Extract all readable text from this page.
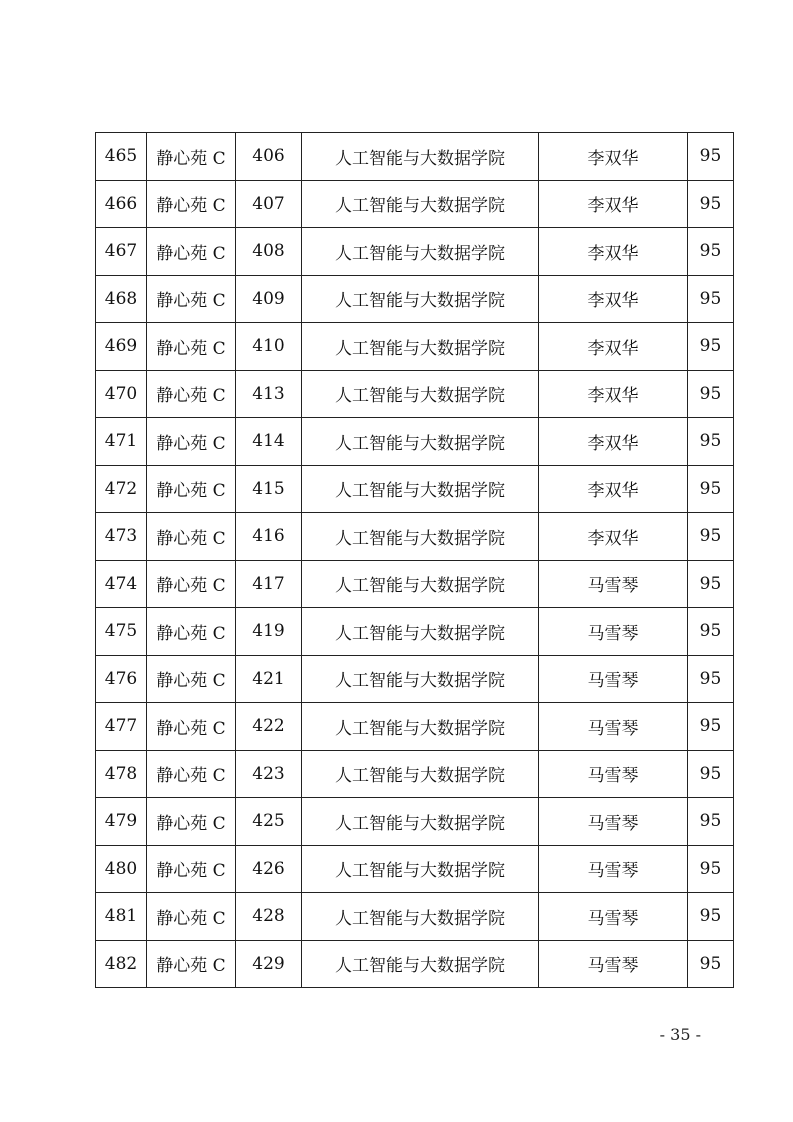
465	静心苑 C	406	人工智能与大数据学院	李双华	95
466	静心苑 C	407	人工智能与大数据学院	李双华	95
467	静心苑 C	408	人工智能与大数据学院	李双华	95
468	静心苑 C	409	人工智能与大数据学院	李双华	95
469	静心苑 C	410	人工智能与大数据学院	李双华	95
470	静心苑 C	413	人工智能与大数据学院	李双华	95
471	静心苑 C	414	人工智能与大数据学院	李双华	95
472	静心苑 C	415	人工智能与大数据学院	李双华	95
473	静心苑 C	416	人工智能与大数据学院	李双华	95
474	静心苑 C	417	人工智能与大数据学院	马雪琴	95
475	静心苑 C	419	人工智能与大数据学院	马雪琴	95
476	静心苑 C	421	人工智能与大数据学院	马雪琴	95
477	静心苑 C	422	人工智能与大数据学院	马雪琴	95
478	静心苑 C	423	人工智能与大数据学院	马雪琴	95
479	静心苑 C	425	人工智能与大数据学院	马雪琴	95
480	静心苑 C	426	人工智能与大数据学院	马雪琴	95
481	静心苑 C	428	人工智能与大数据学院	马雪琴	95
482	静心苑 C	429	人工智能与大数据学院	马雪琴	95
- 35 -
